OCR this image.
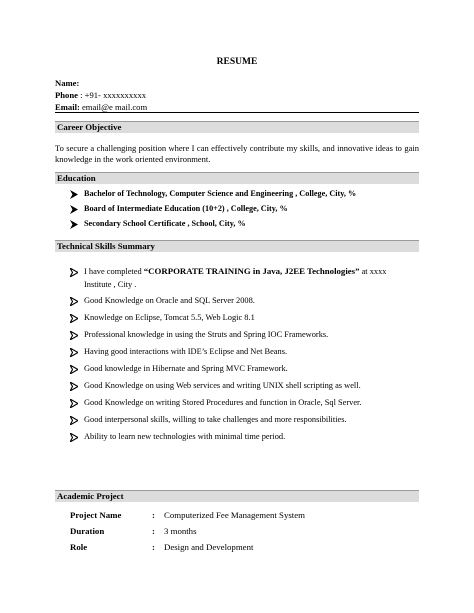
RESUME
Name:
Phone : +91- xxxxxxxxxx
Email: email@e mail.com
Career Objective
To secure a challenging position where I can effectively contribute my skills, and innovative ideas to gain knowledge in the work oriented environment.
Education
Bachelor of Technology, Computer Science and Engineering , College, City, %
Board of Intermediate Education (10+2) , College, City, %
Secondary School Certificate , School, City, %
Technical Skills Summary
I have completed “CORPORATE TRAINING in Java, J2EE Technologies” at xxxx
Institute , City .
Good Knowledge on Oracle and SQL Server 2008.
Knowledge on Eclipse, Tomcat 5.5, Web Logic 8.1
Professional knowledge in using the Struts and Spring IOC Frameworks.
Having good interactions with IDE’s Eclipse and Net Beans.
Good knowledge in Hibernate and Spring MVC Framework.
Good Knowledge on using Web services and writing UNIX shell scripting as well.
Good Knowledge on writing Stored Procedures and function in Oracle, Sql Server.
Good interpersonal skills, willing to take challenges and more responsibilities.
Ability to learn new technologies with minimal time period.
Academic Project
Project Name	: Computerized Fee Management System
Duration	: 3 months
Role	: Design and Development
